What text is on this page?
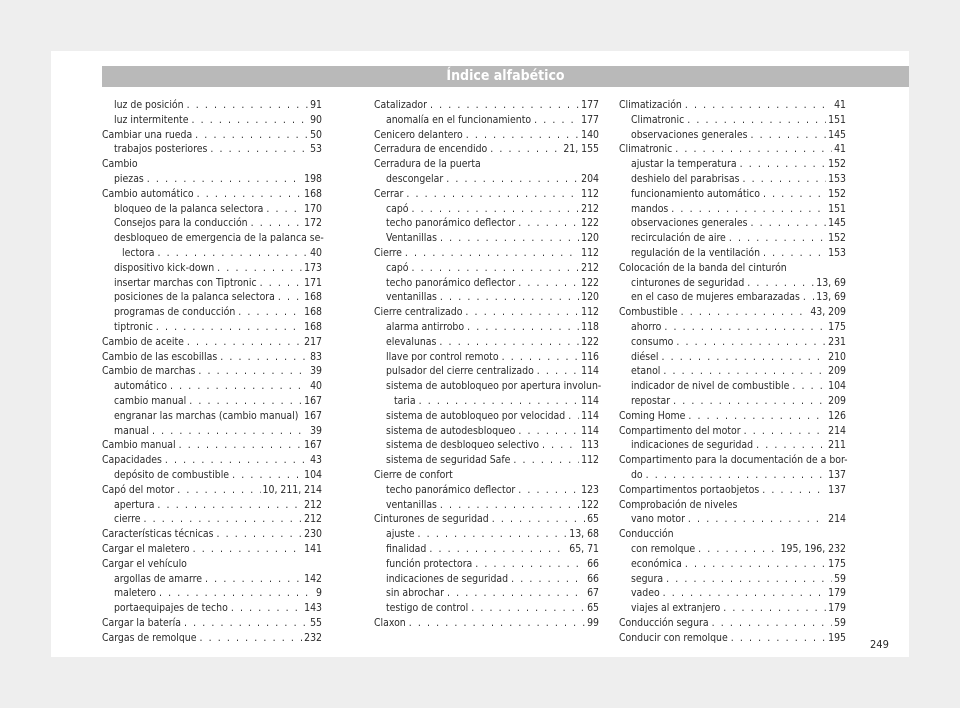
Índice alfabético
luz de posición . . .	91
luz intermitente . . .	90
Cambiar una rueda . . .	50
trabajos posteriores . . .	53
Cambio
piezas . . .	198
Cambio automático . . .	168
bloqueo de la palanca selectora . . .	170
Consejos para la conducción . . .	172
desbloqueo de emergencia de la palanca se-
lectora . . .	40
dispositivo kick-down . . .	173
insertar marchas con Tiptronic . . .	171
posiciones de la palanca selectora . . .	168
programas de conducción . . .	168
tiptronic . . .	168
Cambio de aceite . . .	217
Cambio de las escobillas . . .	83
Cambio de marchas . . .	39
automático . . .	40
cambio manual . . .	167
engranar las marchas (cambio manual) . . . 167
manual . . .	39
Cambio manual . . .	167
Capacidades . . .	43
depósito de combustible . . .	104
Capó del motor . . .	10, 211, 214
apertura . . .	212
cierre . . .	212
Características técnicas . . .	230
Cargar el maletero . . .	141
Cargar el vehículo
argollas de amarre . . .	142
maletero . . .	9
portaequipajes de techo . . .	143
Cargar la batería . . .	55
Cargas de remolque . . .	232
Catalizador . . .	177
anomalía en el funcionamiento . . .	177
Cenicero delantero . . .	140
Cerradura de encendido . . .	21, 155
Cerradura de la puerta
descongelar . . .	204
Cerrar . . .	112
capó . . .	212
techo panorámico deflector . . .	122
Ventanillas . . .	120
Cierre . . .	112
capó . . .	212
techo panorámico deflector . . .	122
ventanillas . . .	120
Cierre centralizado . . .	112
alarma antirrobo . . .	118
elevalunas . . .	122
llave por control remoto . . .	116
pulsador del cierre centralizado . . .	114
sistema de autobloqueo por apertura involun-
taria . . .	114
sistema de autobloqueo por velocidad . . . 114
sistema de autodesbloqueo . . .	114
sistema de desbloqueo selectivo . . .	113
sistema de seguridad Safe . . .	112
Cierre de confort
techo panorámico deflector . . .	123
ventanillas . . .	122
Cinturones de seguridad . . .	65
ajuste . . .	13, 68
finalidad . . .	65, 71
función protectora . . .	66
indicaciones de seguridad . . .	66
sin abrochar . . .	67
testigo de control . . .	65
Claxon . . .	99
Climatización . . .	41
Climatronic . . .	151
observaciones generales . . .	145
Climatronic . . .	41
ajustar la temperatura . . .	152
deshielo del parabrisas . . .	153
funcionamiento automático . . .	152
mandos . . .	151
observaciones generales . . .	145
recirculación de aire . . .	152
regulación de la ventilación . . .	153
Colocación de la banda del cinturón
cinturones de seguridad . . .	13, 69
en el caso de mujeres embarazadas . . . 13, 69
Combustible . . .	43, 209
ahorro . . .	175
consumo . . .	231
diésel . . .	210
etanol . . .	209
indicador de nivel de combustible . . .	104
repostar . . .	209
Coming Home . . .	126
Compartimento del motor . . .	214
indicaciones de seguridad . . .	211
Compartimento para la documentación de a bor-
do . . .	137
Compartimentos portaobjetos . . .	137
Comprobación de niveles
vano motor . . .	214
Conducción
con remolque . . .	195, 196, 232
económica . . .	175
segura . . .	59
vadeo . . .	179
viajes al extranjero . . .	179
Conducción segura . . .	59
Conducir con remolque . . .	195
249
